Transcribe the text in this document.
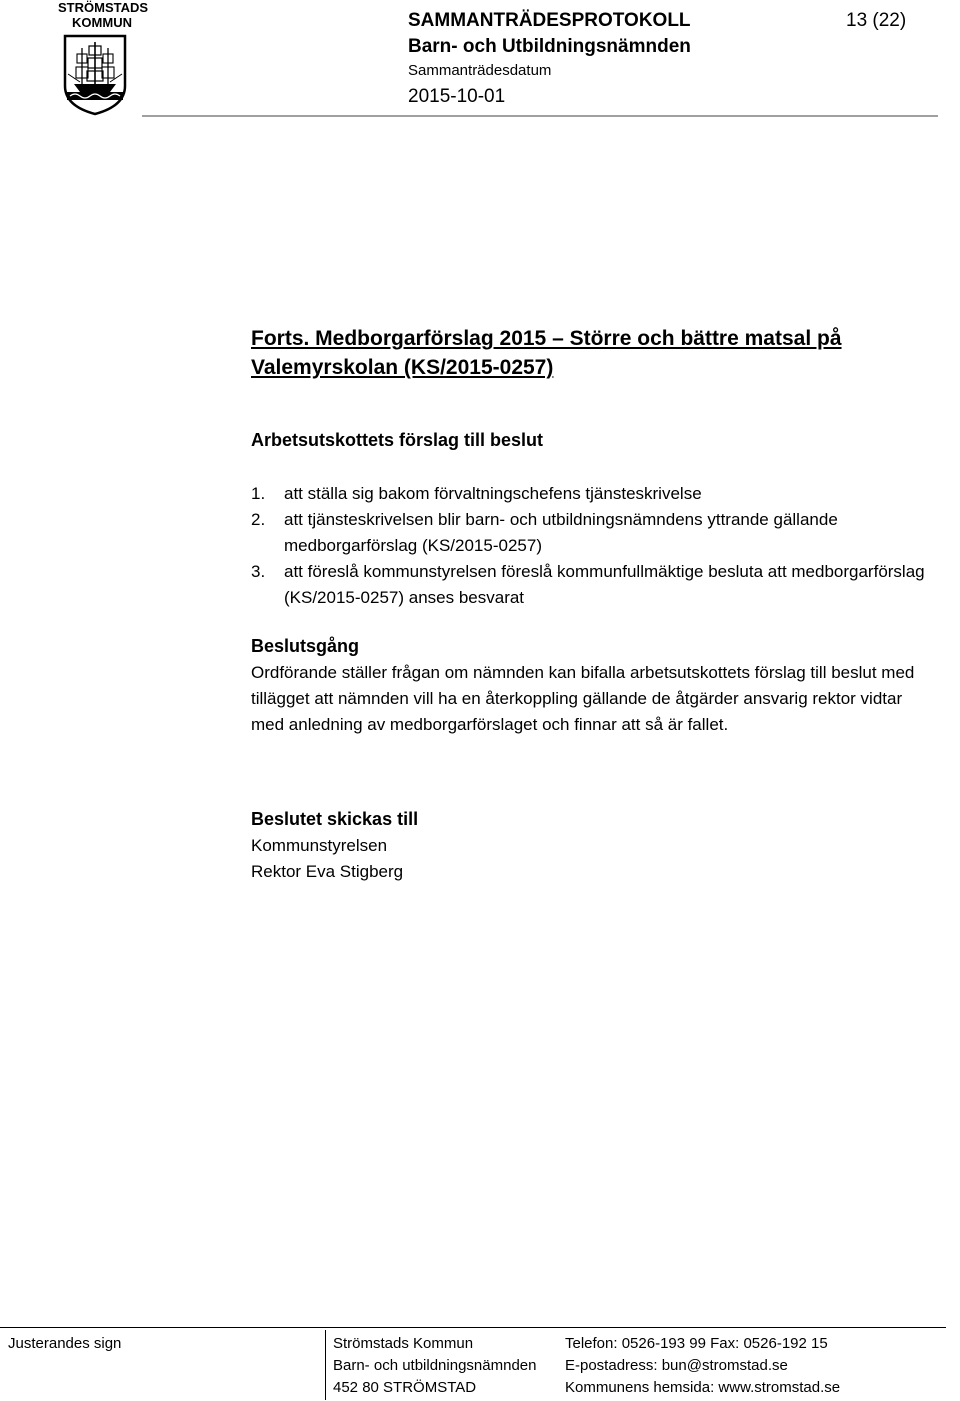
STRÖMSTADS
KOMMUN	SAMMANTRÄDESPROTOKOLL
Barn- och Utbildningsnämnden
Sammanträdesdatum
2015-10-01
13 (22)
Forts. Medborgarförslag 2015 – Större och bättre matsal på
Valemyrskolan (KS/2015-0257)
Arbetsutskottets förslag till beslut
1. att ställa sig bakom förvaltningschefens tjänsteskrivelse
2. att tjänsteskrivelsen blir barn- och utbildningsnämndens yttrande gällande medborgarförslag (KS/2015-0257)
3. att föreslå kommunstyrelsen föreslå kommunfullmäktige besluta att medborgarförslag (KS/2015-0257) anses besvarat
Beslutsgång
Ordförande ställer frågan om nämnden kan bifalla arbetsutskottets förslag till beslut med tillägget att nämnden vill ha en återkoppling gällande de åtgärder ansvarig rektor vidtar med anledning av medborgarförslaget och finnar att så är fallet.
Beslutet skickas till
Kommunstyrelsen
Rektor Eva Stigberg
Justerandes sign	Strömstads Kommun
Barn- och utbildningsnämnden
452 80 STRÖMSTAD
Telefon: 0526-193 99 Fax: 0526-192 15
E-postadress: bun@stromstad.se
Kommunens hemsida: www.stromstad.se
